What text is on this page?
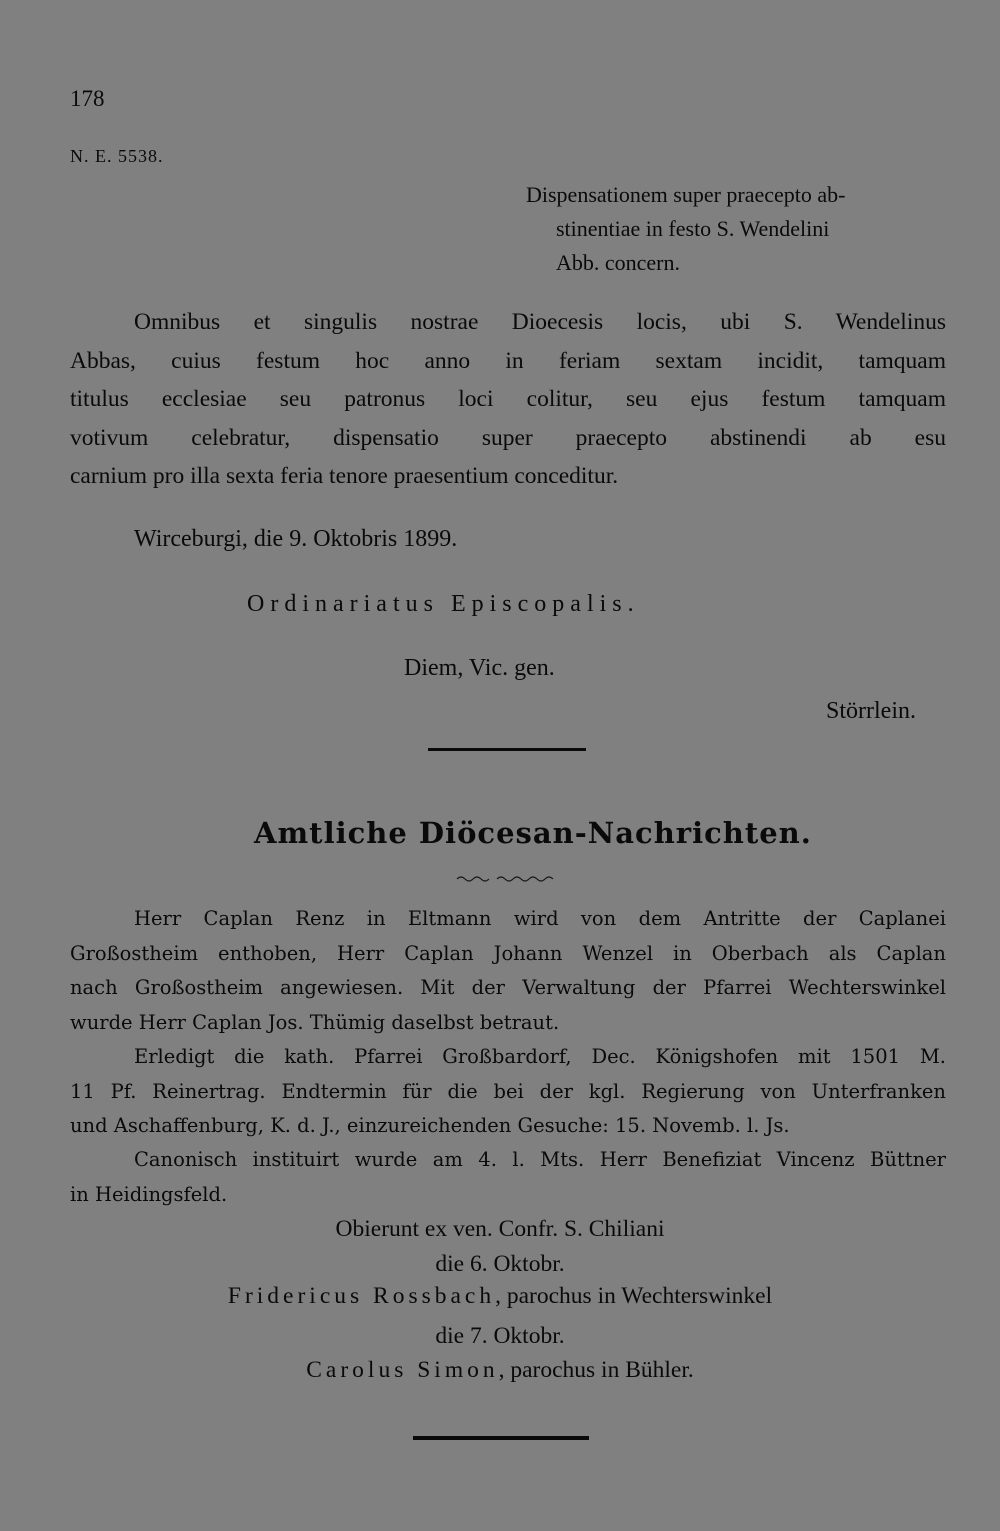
178
N. E. 5538.
Dispensationem super praecepto ab-
stinentiae in festo S. Wendelini
Abb. concern.
Omnibus et singulis nostrae Dioecesis locis, ubi S. Wendelinus
Abbas, cuius festum hoc anno in feriam sextam incidit, tamquam
titulus ecclesiae seu patronus loci colitur, seu ejus festum tamquam
votivum celebratur, dispensatio super praecepto abstinendi ab esu
carnium pro illa sexta feria tenore praesentium conceditur.
Wirceburgi, die 9. Oktobris 1899.
Ordinariatus Episcopalis.
Diem, Vic. gen.
Störrlein.
Amtliche Diöcesan-Nachrichten.
Herr Caplan Renz in Eltmann wird von dem Antritte der Caplanei
Großostheim enthoben, Herr Caplan Johann Wenzel in Oberbach als Caplan
nach Großostheim angewiesen. Mit der Verwaltung der Pfarrei Wechterswinkel
wurde Herr Caplan Jos. Thümig daselbst betraut.
Erledigt die kath. Pfarrei Großbardorf, Dec. Königshofen mit 1501 M.
11 Pf. Reinertrag. Endtermin für die bei der kgl. Regierung von Unterfranken
und Aschaffenburg, K. d. J., einzureichenden Gesuche: 15. Novemb. l. Js.
Canonisch instituirt wurde am 4. l. Mts. Herr Benefiziat Vincenz Büttner
in Heidingsfeld.
Obierunt ex ven. Confr. S. Chiliani
die 6. Oktobr.
Fridericus Rossbach, parochus in Wechterswinkel
die 7. Oktobr.
Carolus Simon, parochus in Bühler.
